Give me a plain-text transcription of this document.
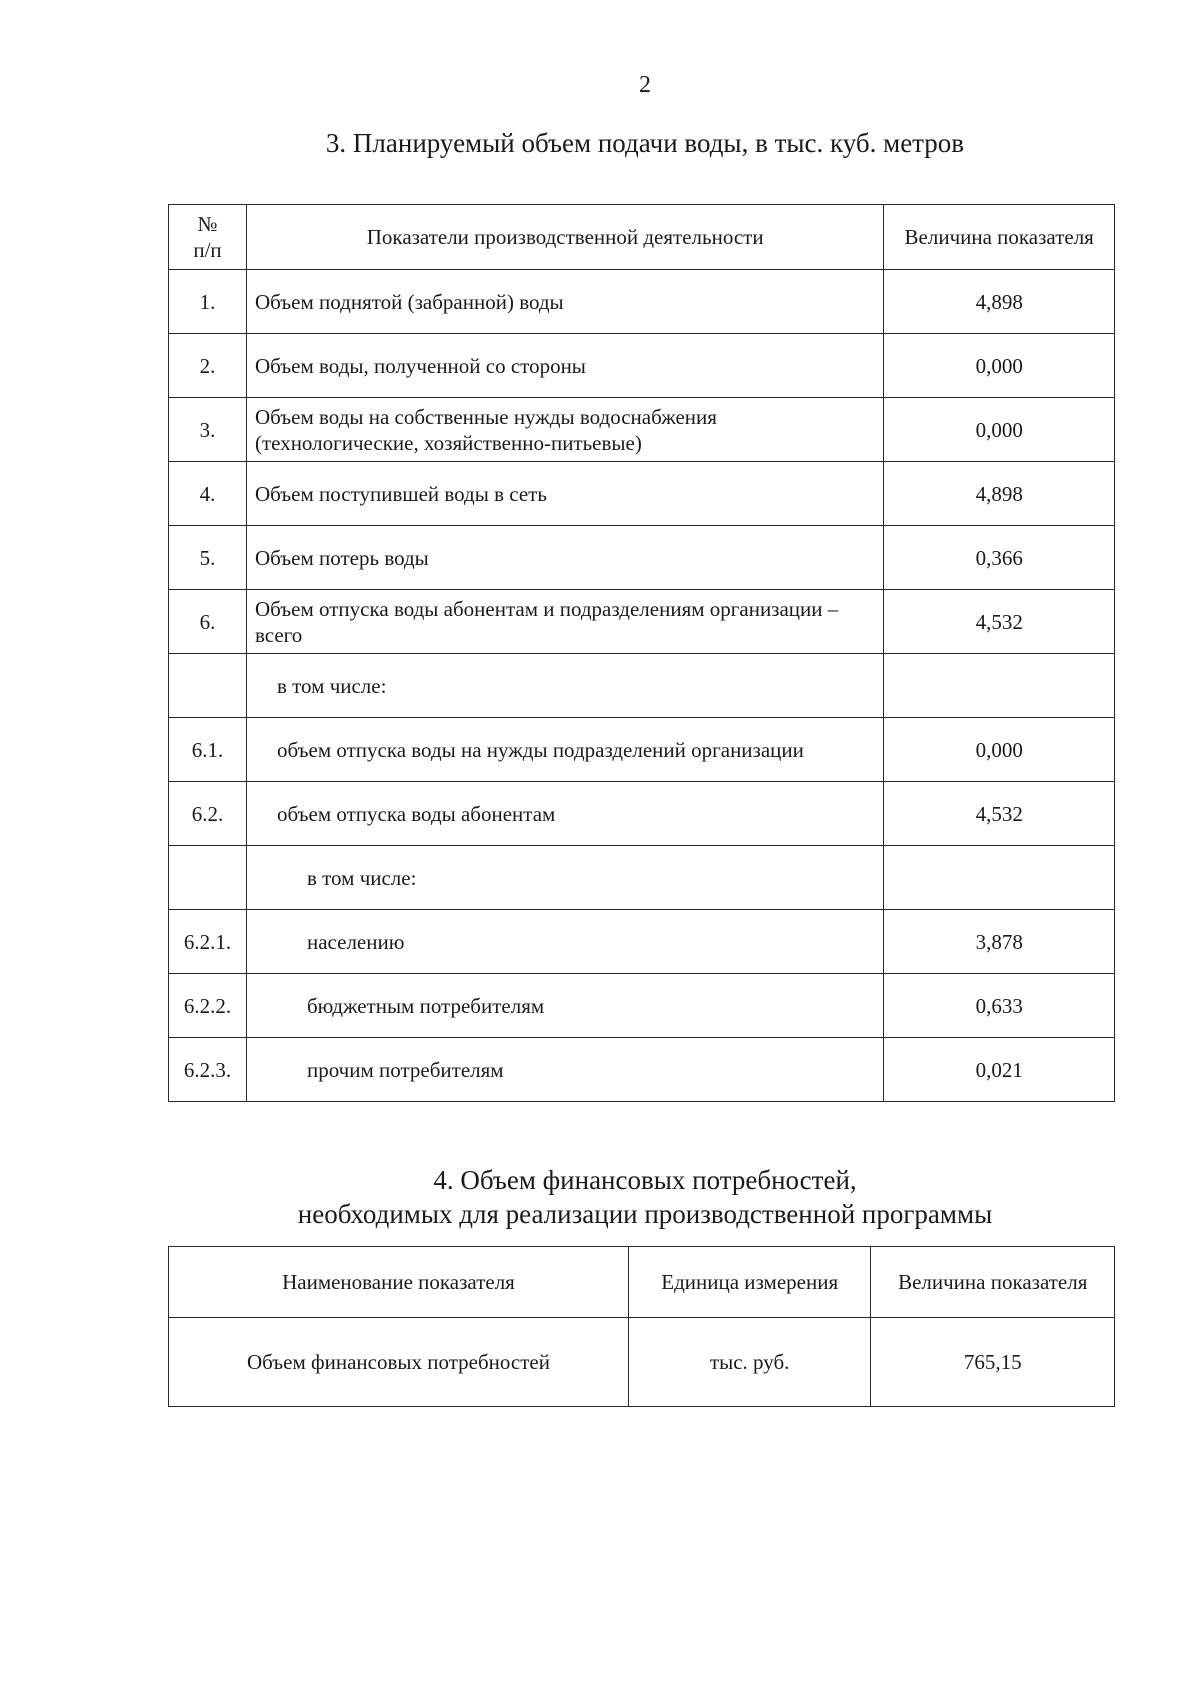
2
3. Планируемый объем подачи воды, в тыс. куб. метров
№
п/п	Показатели производственной деятельности	Величина показателя
1.	Объем поднятой (забранной) воды	4,898
2.	Объем воды, полученной со стороны	0,000
3.	Объем воды на собственные нужды водоснабжения (технологические, хозяйственно-питьевые)	0,000
4.	Объем поступившей воды в сеть	4,898
5.	Объем потерь воды	0,366
6.	Объем отпуска воды абонентам и подразделениям организации – всего	4,532
	в том числе:	
6.1.	объем отпуска воды на нужды подразделений организации	0,000
6.2.	объем отпуска воды абонентам	4,532
	в том числе:	
6.2.1.	населению	3,878
6.2.2.	бюджетным потребителям	0,633
6.2.3.	прочим потребителям	0,021
4. Объем финансовых потребностей,
необходимых для реализации производственной программы
Наименование показателя	Единица измерения	Величина показателя
Объем финансовых потребностей	тыс. руб.	765,15
